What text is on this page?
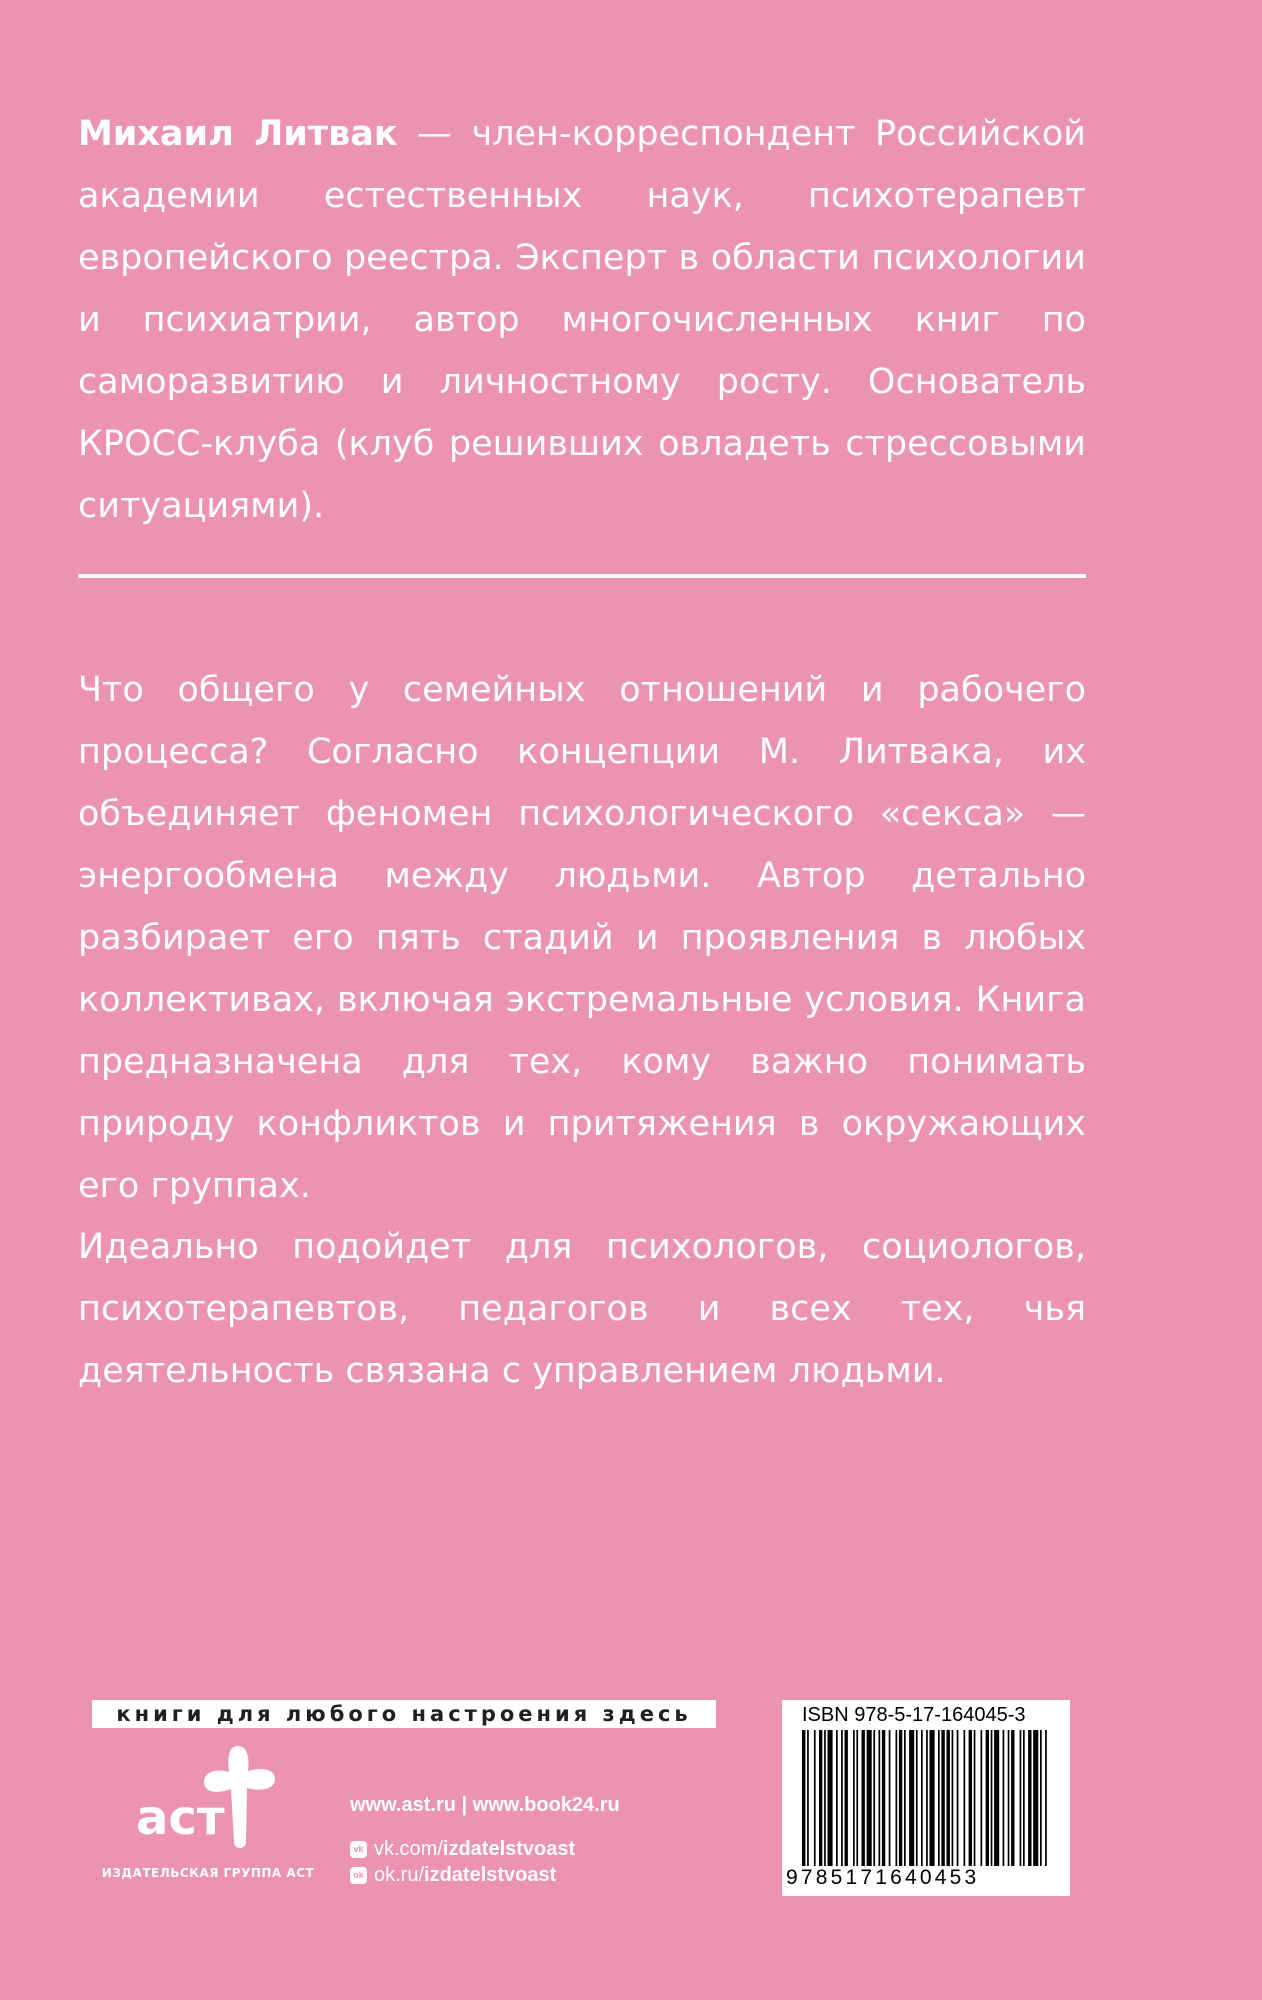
Михаил Литвак — член-корреспондент Российской академии естественных наук, психотерапевт европейского реестра. Эксперт в области психологии и психиатрии, автор многочисленных книг по саморазвитию и личностному росту. Основатель КРОСС-клуба (клуб решивших овладеть стрессовыми ситуациями).

Что общего у семейных отношений и рабочего процесса? Согласно концепции М. Литвака, их объединяет феномен психологического «секса» — энергообмена между людьми. Автор детально разбирает его пять стадий и проявления в любых коллективах, включая экстремальные условия. Книга предназначена для тех, кому важно понимать природу конфликтов и притяжения в окружающих его группах.

Идеально подойдет для психологов, социологов, психотерапевтов, педагогов и всех тех, чья деятельность связана с управлением людьми.

книги для любого настроения здесь
аст
ИЗДАТЕЛЬСКАЯ ГРУППА АСТ
www.ast.ru | www.book24.ru
vk vk.com/izdatelstvoast
ok ok.ru/izdatelstvoast
ISBN 978-5-17-164045-3
9785171640453
